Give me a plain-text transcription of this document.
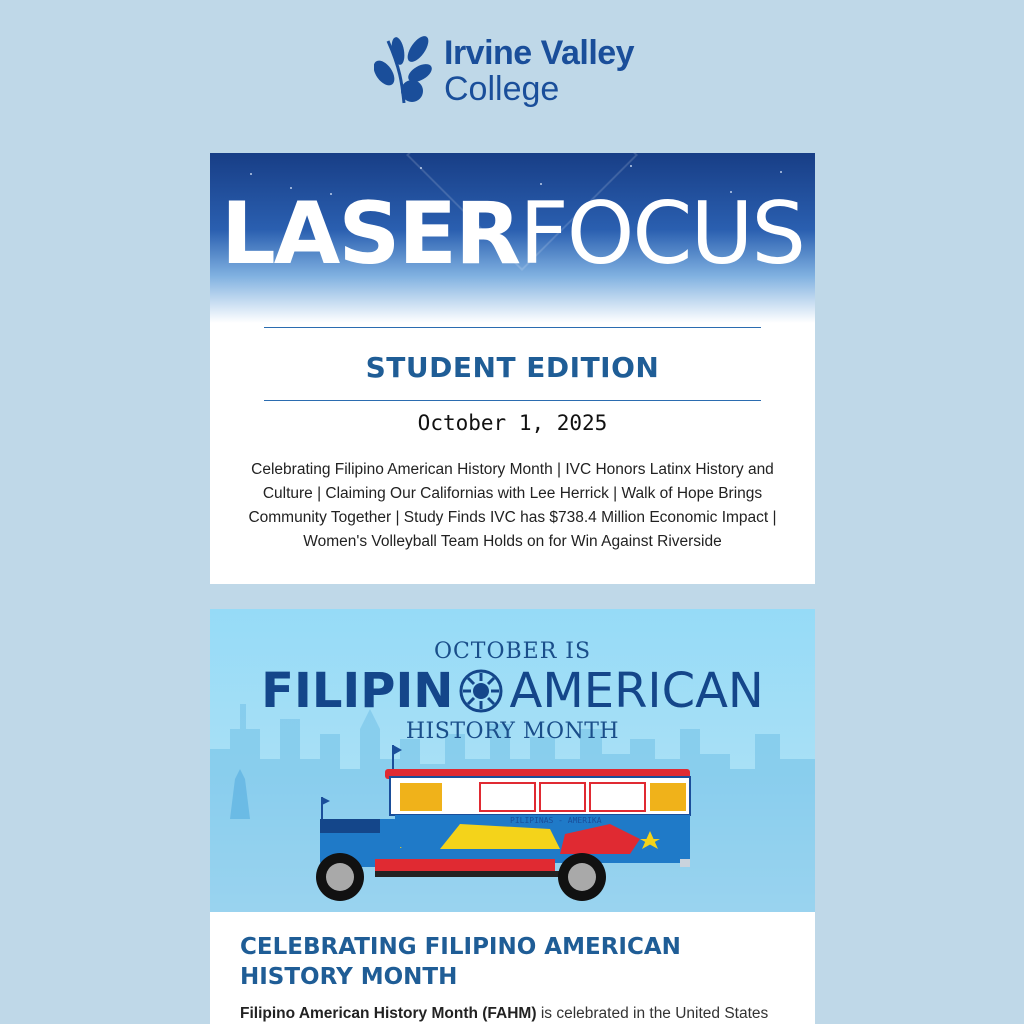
Irvine Valley
College
LASERFOCUS
STUDENT EDITION
October 1, 2025
Celebrating Filipino American History Month | IVC Honors Latinx History and Culture | Claiming Our Californias with Lee Herrick | Walk of Hope Brings Community Together | Study Finds IVC has $738.4 Million Economic Impact | Women's Volleyball Team Holds on for Win Against Riverside
OCTOBER IS
FILIPIN AMERICAN
HISTORY MONTH
PILIPINAS - AMERIKA
CELEBRATING FILIPINO AMERICAN HISTORY MONTH
Filipino American History Month (FAHM) is celebrated in the United States
